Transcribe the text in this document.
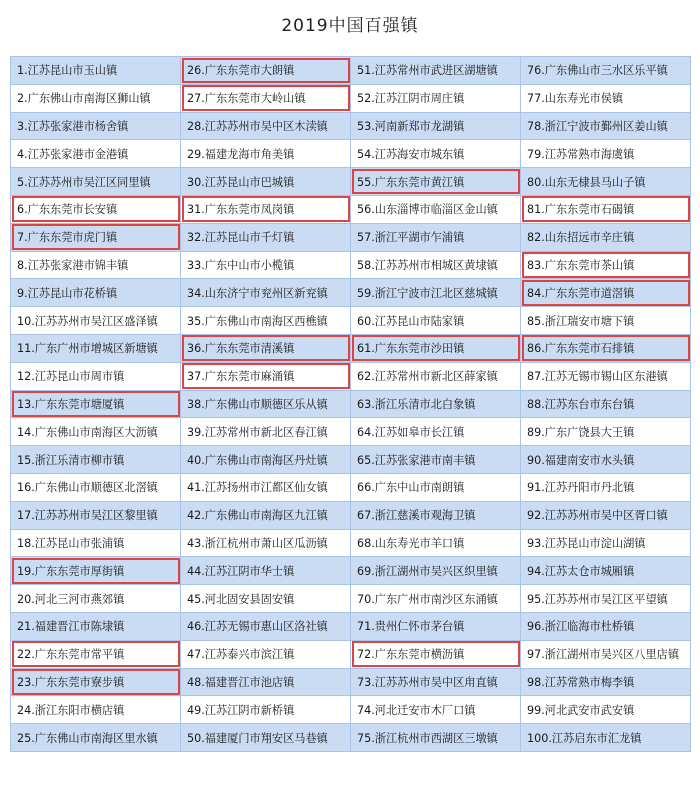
2019中国百强镇
1.江苏昆山市玉山镇	26.广东东莞市大朗镇	51.江苏常州市武进区湖塘镇	76.广东佛山市三水区乐平镇
2.广东佛山市南海区狮山镇	27.广东东莞市大岭山镇	52.江苏江阴市周庄镇	77.山东寿光市侯镇
3.江苏张家港市杨舍镇	28.江苏苏州市吴中区木渎镇	53.河南新郑市龙湖镇	78.浙江宁波市鄞州区姜山镇
4.江苏张家港市金港镇	29.福建龙海市角美镇	54.江苏海安市城东镇	79.江苏常熟市海虞镇
5.江苏苏州市吴江区同里镇	30.江苏昆山市巴城镇	55.广东东莞市黄江镇	80.山东无棣县马山子镇
6.广东东莞市长安镇	31.广东东莞市凤岗镇	56.山东淄博市临淄区金山镇	81.广东东莞市石碣镇
7.广东东莞市虎门镇	32.江苏昆山市千灯镇	57.浙江平湖市乍浦镇	82.山东招远市辛庄镇
8.江苏张家港市锦丰镇	33.广东中山市小榄镇	58.江苏苏州市相城区黄埭镇	83.广东东莞市茶山镇
9.江苏昆山市花桥镇	34.山东济宁市兖州区新兖镇	59.浙江宁波市江北区慈城镇	84.广东东莞市道滘镇
10.江苏苏州市吴江区盛泽镇	35.广东佛山市南海区西樵镇	60.江苏昆山市陆家镇	85.浙江瑞安市塘下镇
11.广东广州市增城区新塘镇	36.广东东莞市清溪镇	61.广东东莞市沙田镇	86.广东东莞市石排镇
12.江苏昆山市周市镇	37.广东东莞市麻涌镇	62.江苏常州市新北区薛家镇	87.江苏无锡市锡山区东港镇
13.广东东莞市塘厦镇	38.广东佛山市顺德区乐从镇	63.浙江乐清市北白象镇	88.江苏东台市东台镇
14.广东佛山市南海区大沥镇	39.江苏常州市新北区春江镇	64.江苏如皋市长江镇	89.广东广饶县大王镇
15.浙江乐清市柳市镇	40.广东佛山市南海区丹灶镇	65.江苏张家港市南丰镇	90.福建南安市水头镇
16.广东佛山市顺德区北滘镇	41.江苏扬州市江都区仙女镇	66.广东中山市南朗镇	91.江苏丹阳市丹北镇
17.江苏苏州市吴江区黎里镇	42.广东佛山市南海区九江镇	67.浙江慈溪市观海卫镇	92.江苏苏州市吴中区胥口镇
18.江苏昆山市张浦镇	43.浙江杭州市萧山区瓜沥镇	68.山东寿光市羊口镇	93.江苏昆山市淀山湖镇
19.广东东莞市厚街镇	44.江苏江阴市华士镇	69.浙江湖州市吴兴区织里镇	94.江苏太仓市城厢镇
20.河北三河市燕郊镇	45.河北固安县固安镇	70.广东广州市南沙区东涌镇	95.江苏苏州市吴江区平望镇
21.福建晋江市陈埭镇	46.江苏无锡市惠山区洛社镇	71.贵州仁怀市茅台镇	96.浙江临海市杜桥镇
22.广东东莞市常平镇	47.江苏泰兴市滨江镇	72.广东东莞市横沥镇	97.浙江湖州市吴兴区八里店镇
23.广东东莞市寮步镇	48.福建晋江市池店镇	73.江苏苏州市吴中区甪直镇	98.江苏常熟市梅李镇
24.浙江东阳市横店镇	49.江苏江阴市新桥镇	74.河北迁安市木厂口镇	99.河北武安市武安镇
25.广东佛山市南海区里水镇	50.福建厦门市翔安区马巷镇	75.浙江杭州市西湖区三墩镇	100.江苏启东市汇龙镇
